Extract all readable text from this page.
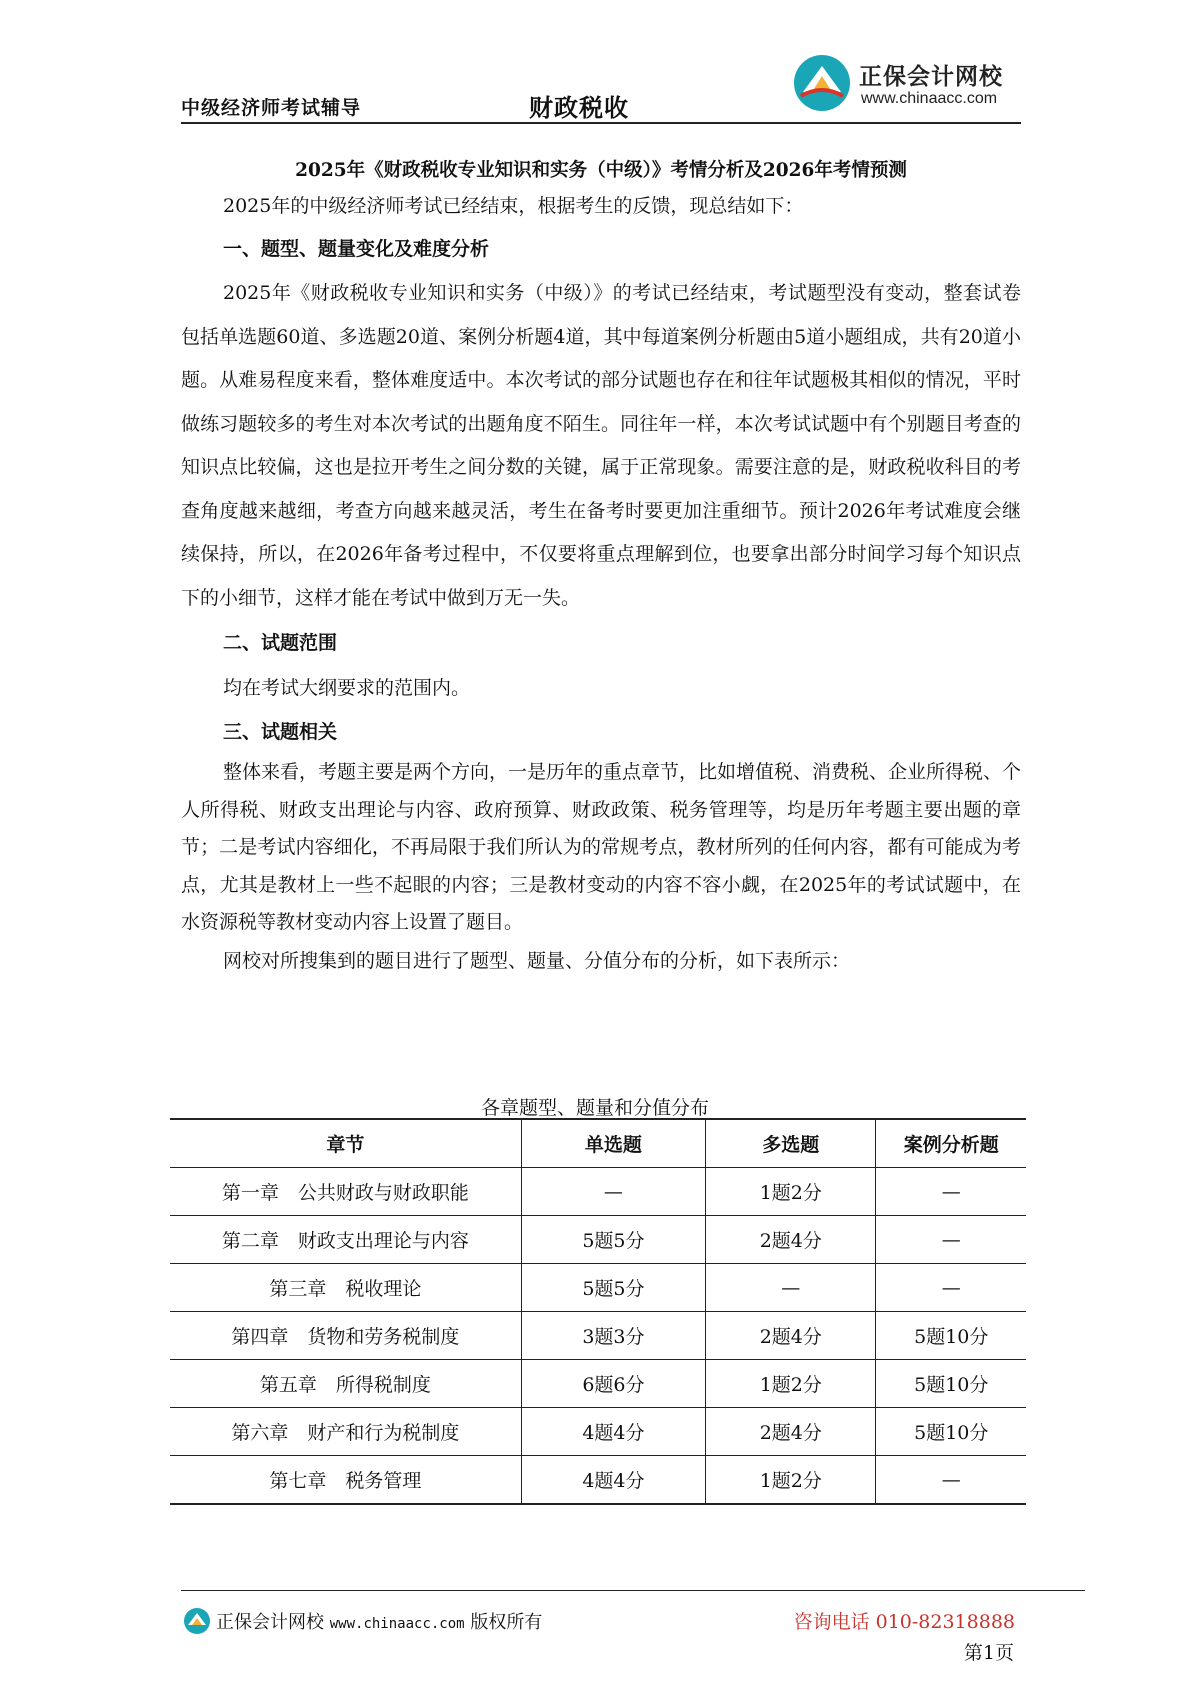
中级经济师考试辅导	财政税收
正保会计网校
www.chinaacc.com
2025年《财政税收专业知识和实务（中级）》考情分析及2026年考情预测

2025年的中级经济师考试已经结束，根据考生的反馈，现总结如下：

一、题型、题量变化及难度分析

2025年《财政税收专业知识和实务（中级）》的考试已经结束，考试题型没有变动，整套试卷包括单选题60道、多选题20道、案例分析题4道，其中每道案例分析题由5道小题组成，共有20道小题。从难易程度来看，整体难度适中。本次考试的部分试题也存在和往年试题极其相似的情况，平时做练习题较多的考生对本次考试的出题角度不陌生。同往年一样，本次考试试题中有个别题目考查的知识点比较偏，这也是拉开考生之间分数的关键，属于正常现象。需要注意的是，财政税收科目的考查角度越来越细，考查方向越来越灵活，考生在备考时要更加注重细节。预计2026年考试难度会继续保持，所以，在2026年备考过程中，不仅要将重点理解到位，也要拿出部分时间学习每个知识点下的小细节，这样才能在考试中做到万无一失。

二、试题范围

均在考试大纲要求的范围内。

三、试题相关

整体来看，考题主要是两个方向，一是历年的重点章节，比如增值税、消费税、企业所得税、个人所得税、财政支出理论与内容、政府预算、财政政策、税务管理等，均是历年考题主要出题的章节；二是考试内容细化，不再局限于我们所认为的常规考点，教材所列的任何内容，都有可能成为考点，尤其是教材上一些不起眼的内容；三是教材变动的内容不容小觑，在2025年的考试试题中，在水资源税等教材变动内容上设置了题目。

网校对所搜集到的题目进行了题型、题量、分值分布的分析，如下表所示：

各章题型、题量和分值分布
章节	单选题	多选题	案例分析题
第一章　公共财政与财政职能	—	1题2分	—
第二章　财政支出理论与内容	5题5分	2题4分	—
第三章　税收理论	5题5分	—	—
第四章　货物和劳务税制度	3题3分	2题4分	5题10分
第五章　所得税制度	6题6分	1题2分	5题10分
第六章　财产和行为税制度	4题4分	2题4分	5题10分
第七章　税务管理	4题4分	1题2分	—
正保会计网校 www.chinaacc.com 版权所有	咨询电话 010-82318888
第1页
